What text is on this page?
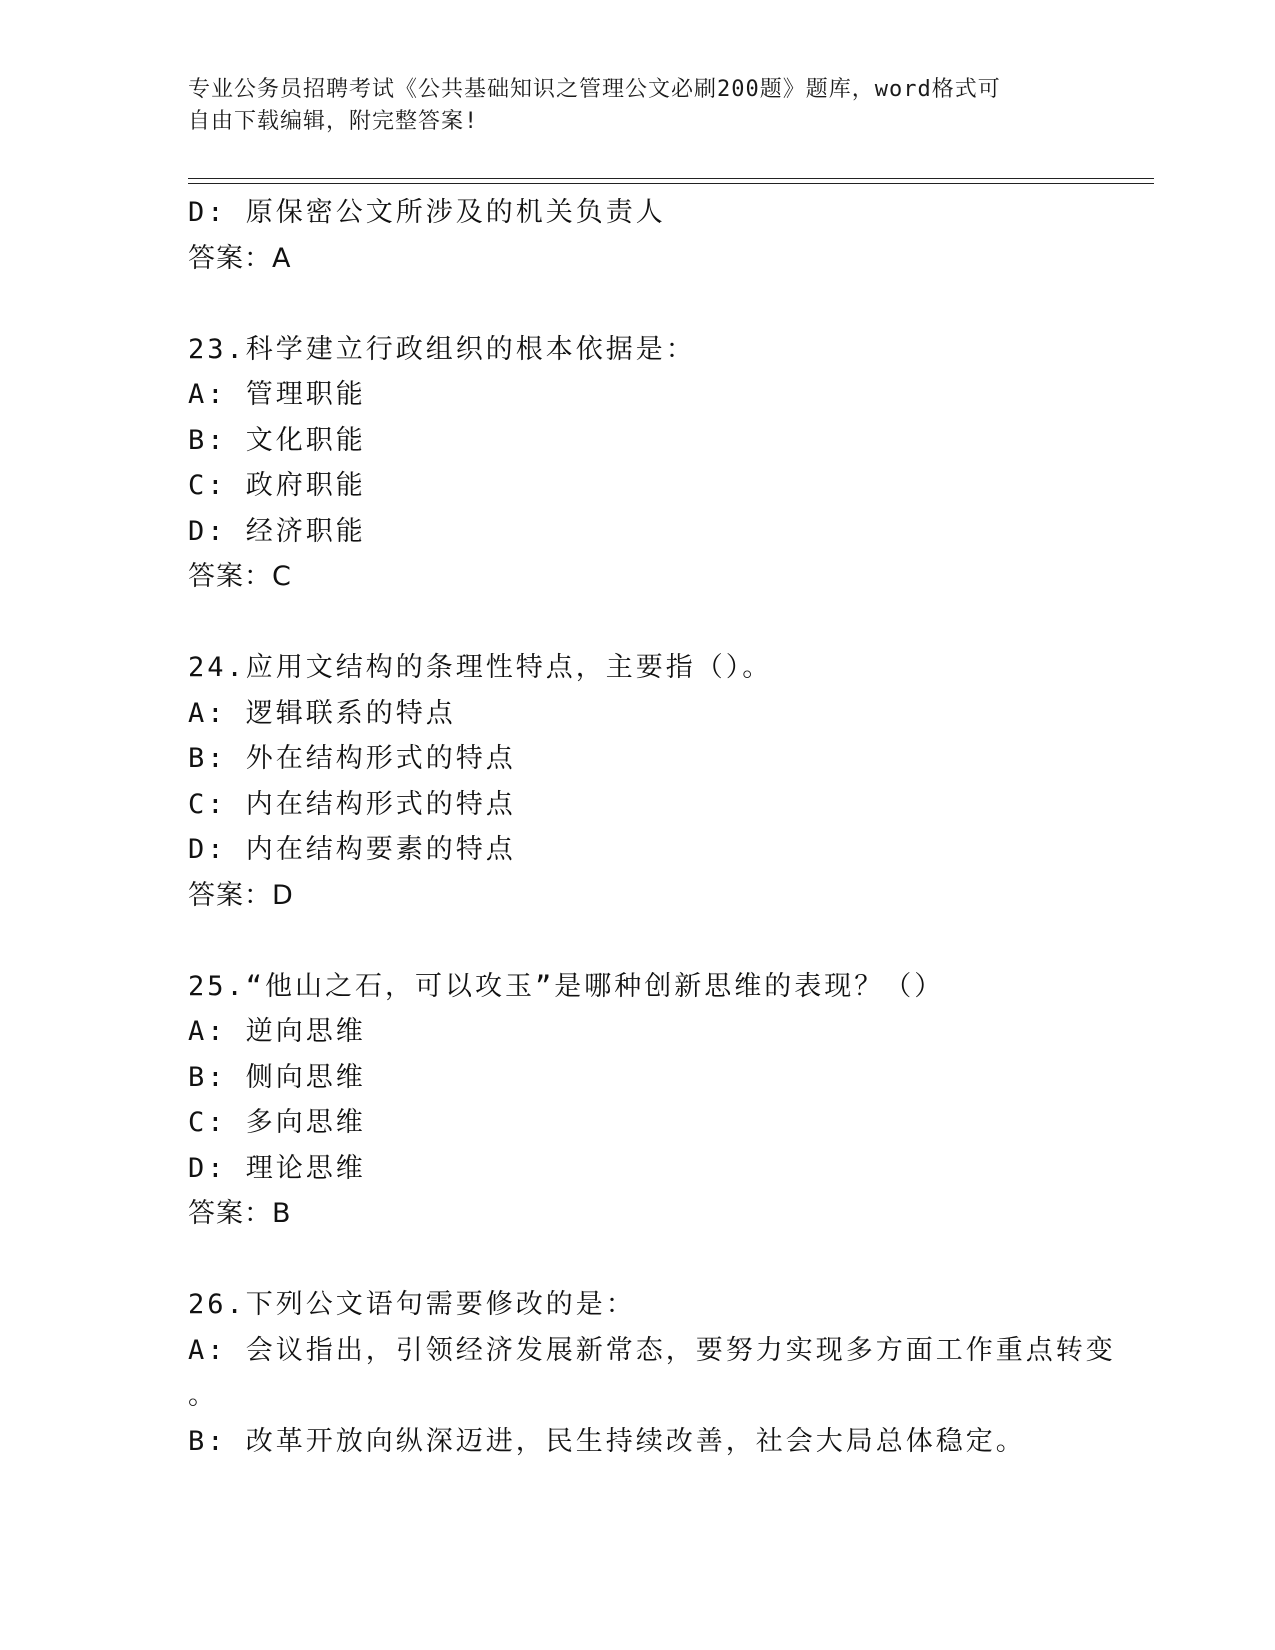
专业公务员招聘考试《公共基础知识之管理公文必刷200题》题库，word格式可
自由下载编辑，附完整答案!
D: 原保密公文所涉及的机关负责人
答案：A
23.科学建立行政组织的根本依据是：
A: 管理职能
B: 文化职能
C: 政府职能
D: 经济职能
答案：C
24.应用文结构的条理性特点，主要指（）。
A: 逻辑联系的特点
B: 外在结构形式的特点
C: 内在结构形式的特点
D: 内在结构要素的特点
答案：D
25.“他山之石，可以攻玉”是哪种创新思维的表现？（）
A: 逆向思维
B: 侧向思维
C: 多向思维
D: 理论思维
答案：B
26.下列公文语句需要修改的是：
A: 会议指出，引领经济发展新常态，要努力实现多方面工作重点转变
。
B: 改革开放向纵深迈进，民生持续改善，社会大局总体稳定。
